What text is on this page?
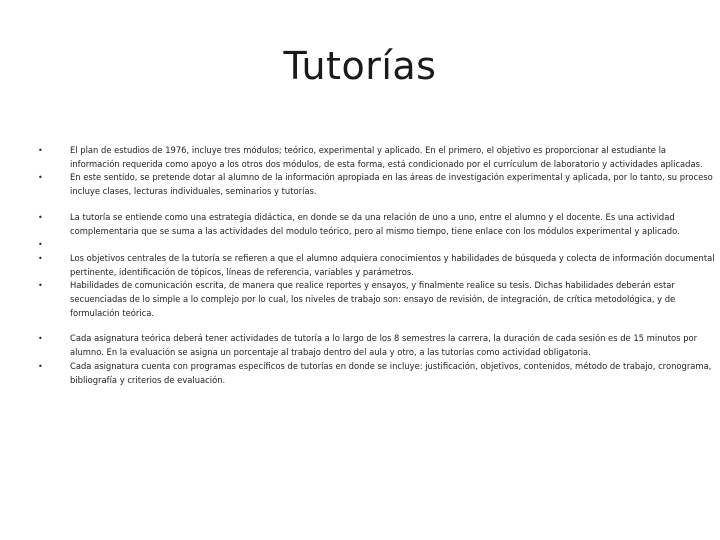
Tutorías
•	El plan de estudios de 1976, incluye tres módulos; teórico, experimental y aplicado. En el primero, el objetivo es proporcionar al estudiante la información requerida como apoyo a los otros dos módulos, de esta forma, está condicionado por el currículum de laboratorio y actividades aplicadas.
•	En este sentido, se pretende dotar al alumno de la información apropiada en las áreas de investigación experimental y aplicada, por lo tanto, su proceso incluye clases, lecturas individuales, seminarios y tutorías.
•	La tutoría se entiende como una estrategia didáctica, en donde se da una relación de uno a uno, entre el alumno y el docente. Es una actividad complementaria que se suma a las actividades del modulo teórico, pero al mismo tiempo, tiene enlace con los módulos experimental y aplicado.
•
•	Los objetivos centrales de la tutoría se refieren a que el alumno adquiera conocimientos y habilidades de búsqueda y colecta de información documental pertinente, identificación de tópicos, líneas de referencia, variables y parámetros.
•	Habilidades de comunicación escrita, de manera que realice reportes y ensayos, y finalmente realice su tesis. Dichas habilidades deberán estar secuenciadas de lo simple a lo complejo por lo cual, los niveles de trabajo son: ensayo de revisión, de integración, de crítica metodológica, y de formulación teórica.
•	Cada asignatura teórica deberá tener actividades de tutoría a lo largo de los 8 semestres la carrera, la duración de cada sesión es de 15 minutos por alumno. En la evaluación se asigna un porcentaje al trabajo dentro del aula y otro, a las tutorías como actividad obligatoria.
•	Cada asignatura cuenta con programas específicos de tutorías en donde se incluye: justificación, objetivos, contenidos, método de trabajo, cronograma, bibliografía y criterios de evaluación.
